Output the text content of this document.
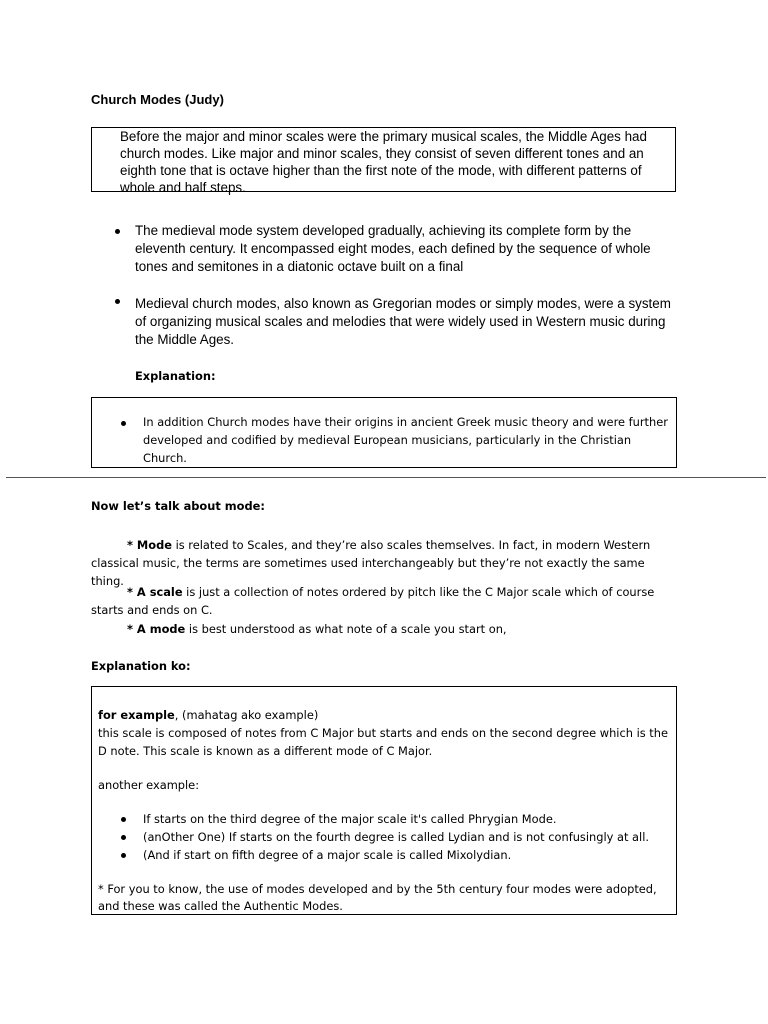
Church Modes (Judy)
Before the major and minor scales were the primary musical scales, the Middle Ages had church modes. Like major and minor scales, they consist of seven different tones and an eighth tone that is octave higher than the first note of the mode, with different patterns of whole and half steps.
The medieval mode system developed gradually, achieving its complete form by the eleventh century. It encompassed eight modes, each defined by the sequence of whole tones and semitones in a diatonic octave built on a final
Medieval church modes, also known as Gregorian modes or simply modes, were a system of organizing musical scales and melodies that were widely used in Western music during the Middle Ages.
Explanation:
In addition Church modes have their origins in ancient Greek music theory and were further developed and codified by medieval European musicians, particularly in the Christian Church.
Now let’s talk about mode:
* Mode is related to Scales, and they’re also scales themselves. In fact, in modern Western classical music, the terms are sometimes used interchangeably but they’re not exactly the same thing.
* A scale is just a collection of notes ordered by pitch like the C Major scale which of course starts and ends on C.
* A mode is best understood as what note of a scale you start on,
Explanation ko:
for example, (mahatag ako example)
this scale is composed of notes from C Major but starts and ends on the second degree which is the D note. This scale is known as a different mode of C Major.
another example:
If starts on the third degree of the major scale it's called Phrygian Mode.
(anOther One) If starts on the fourth degree is called Lydian and is not confusingly at all.
(And if start on fifth degree of a major scale is called Mixolydian.
* For you to know, the use of modes developed and by the 5th century four modes were adopted, and these was called the Authentic Modes.
